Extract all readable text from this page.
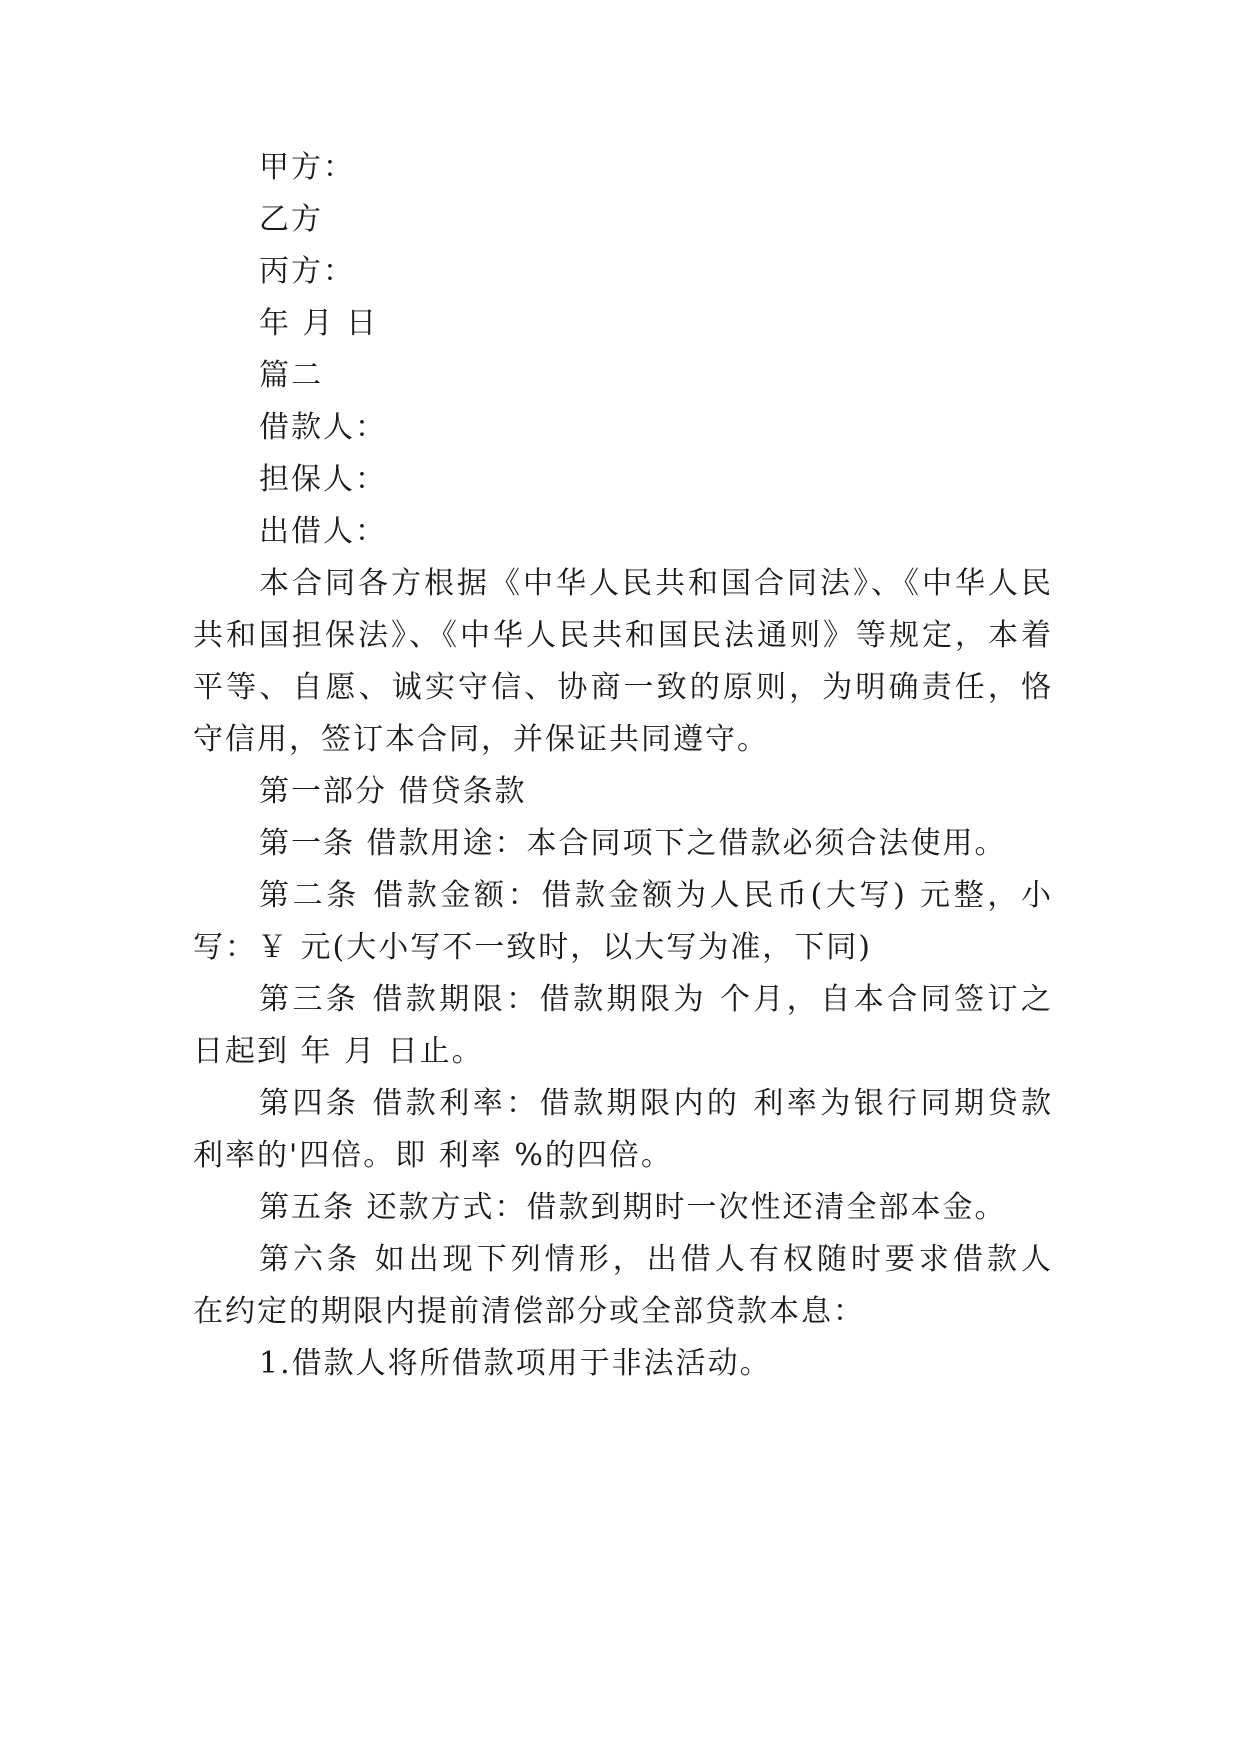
甲方：
乙方
丙方：
年 月 日
篇二
借款人：
担保人：
出借人：
本合同各方根据《中华人民共和国合同法》、《中华人民
共和国担保法》、《中华人民共和国民法通则》等规定，本着
平等、自愿、诚实守信、协商一致的原则，为明确责任，恪
守信用，签订本合同，并保证共同遵守。
第一部分 借贷条款
第一条 借款用途：本合同项下之借款必须合法使用。
第二条 借款金额：借款金额为人民币(大写) 元整，小
写：￥ 元(大小写不一致时，以大写为准，下同)
第三条 借款期限：借款期限为 个月，自本合同签订之
日起到 年 月 日止。
第四条 借款利率：借款期限内的 利率为银行同期贷款
利率的'四倍。即 利率 %的四倍。
第五条 还款方式：借款到期时一次性还清全部本金。
第六条 如出现下列情形，出借人有权随时要求借款人
在约定的期限内提前清偿部分或全部贷款本息：
1.借款人将所借款项用于非法活动。
